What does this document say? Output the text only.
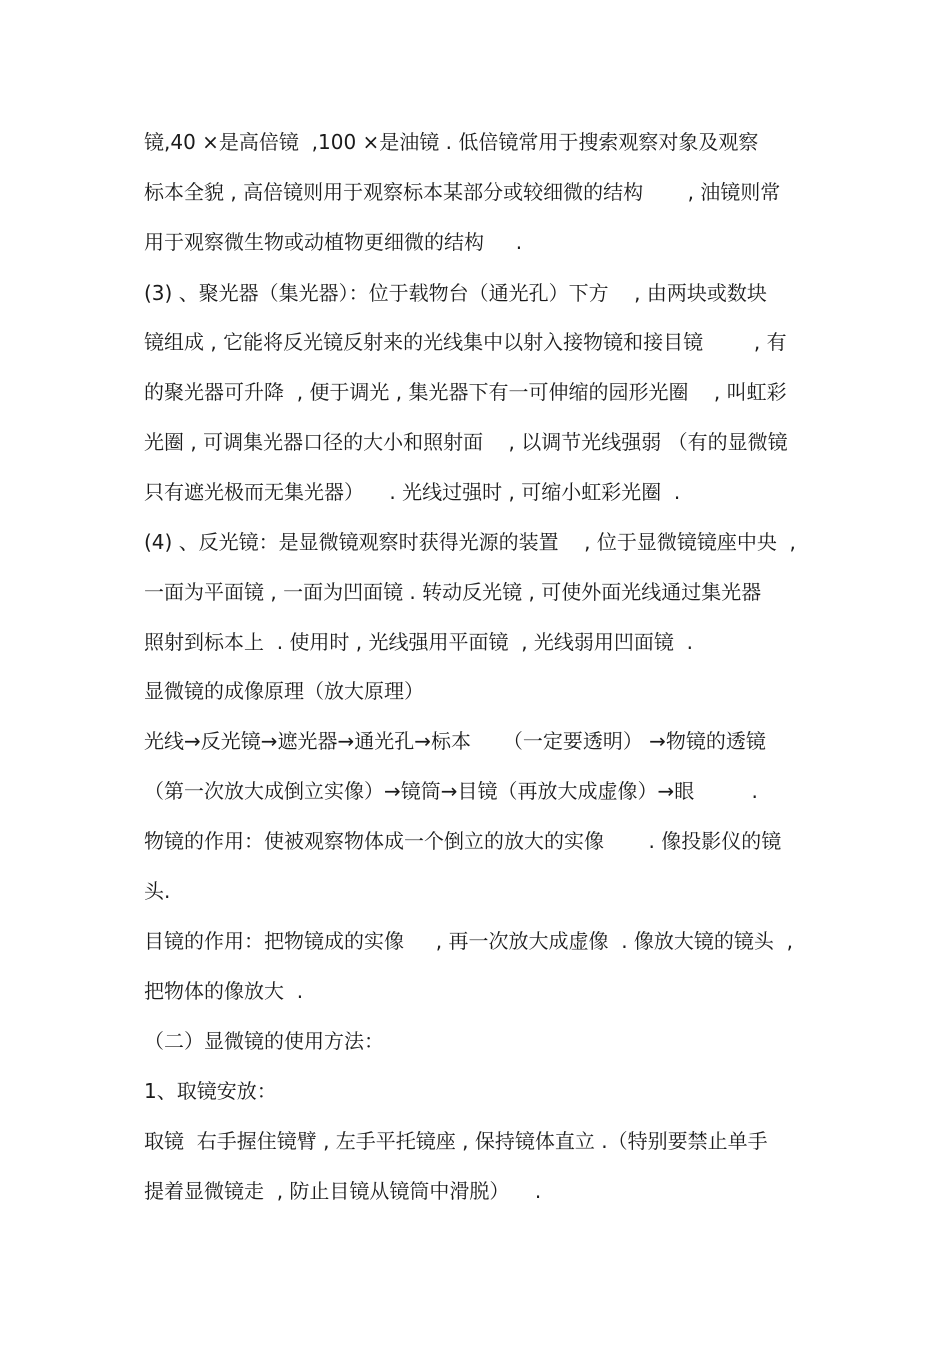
镜,40 ×是高倍镜  ,100 ×是油镜 . 低倍镜常用于搜索观察对象及观察

标本全貌 , 高倍镜则用于观察标本某部分或较细微的结构       , 油镜则常

用于观察微生物或动植物更细微的结构     .

(3) 、聚光器（集光器）：位于载物台（通光孔）下方    , 由两块或数块

镜组成 , 它能将反光镜反射来的光线集中以射入接物镜和接目镜        , 有

的聚光器可升降  , 便于调光 , 集光器下有一可伸缩的园形光圈    , 叫虹彩

光圈 , 可调集光器口径的大小和照射面    , 以调节光线强弱 （有的显微镜

只有遮光极而无集光器）    . 光线过强时 , 可缩小虹彩光圈  .

(4) 、反光镜：是显微镜观察时获得光源的装置    , 位于显微镜镜座中央  ,

一面为平面镜 , 一面为凹面镜 . 转动反光镜 , 可使外面光线通过集光器

照射到标本上  . 使用时 , 光线强用平面镜  , 光线弱用凹面镜  .

显微镜的成像原理（放大原理）

光线→反光镜→遮光器→通光孔→标本     （一定要透明） →物镜的透镜

（第一次放大成倒立实像）→镜筒→目镜（再放大成虚像）→眼         .

物镜的作用：使被观察物体成一个倒立的放大的实像       . 像投影仪的镜

头.

目镜的作用：把物镜成的实像     , 再一次放大成虚像  . 像放大镜的镜头  ,

把物体的像放大  .

（二）显微镜的使用方法：

1、取镜安放：

取镜  右手握住镜臂 , 左手平托镜座 , 保持镜体直立 .（特别要禁止单手

提着显微镜走  , 防止目镜从镜筒中滑脱）    .
